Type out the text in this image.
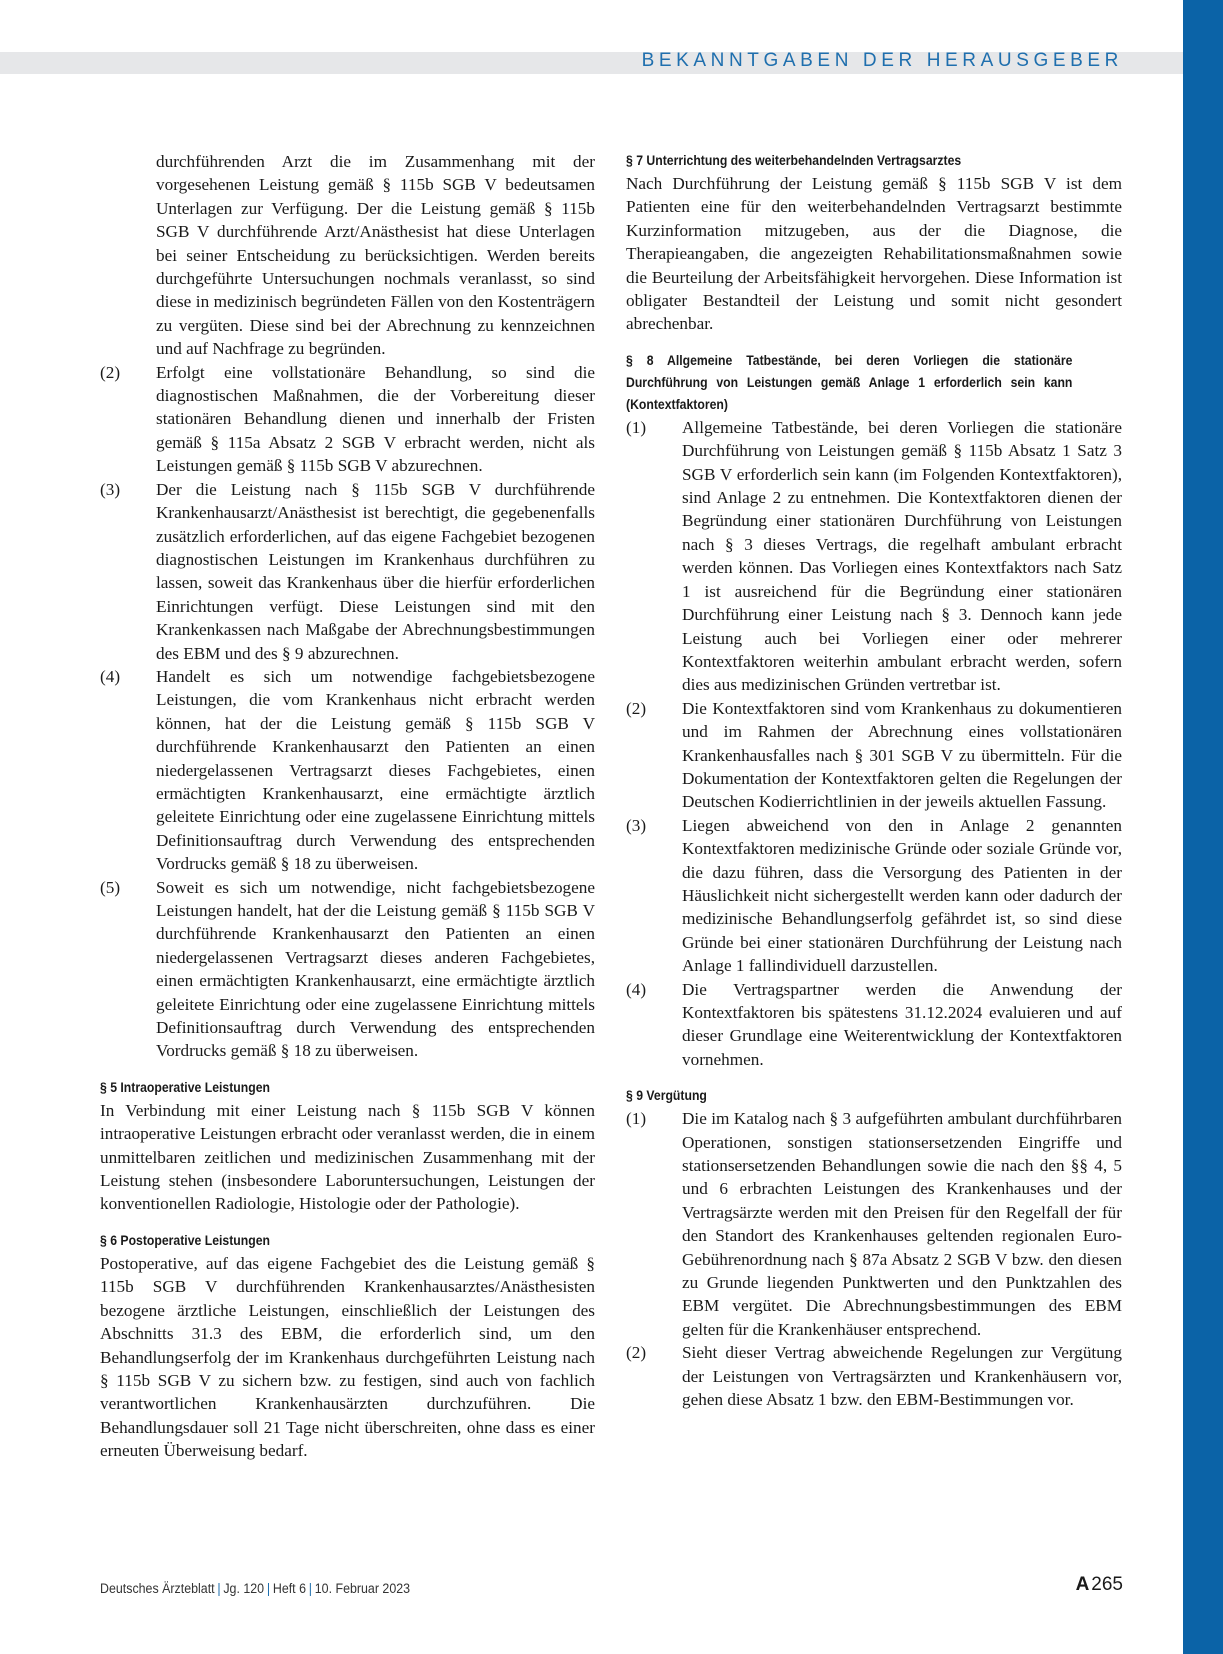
BEKANNTGABEN DER HERAUSGEBER

durchführenden Arzt die im Zusammenhang mit der vorgesehenen Leistung gemäß § 115b SGB V bedeutsamen Unterlagen zur Verfügung. Der die Leistung gemäß § 115b SGB V durchführende Arzt/Anästhesist hat diese Unterlagen bei seiner Entscheidung zu berücksichtigen. Werden bereits durchgeführte Untersuchungen nochmals veranlasst, so sind diese in medizinisch begründeten Fällen von den Kostenträgern zu vergüten. Diese sind bei der Abrechnung zu kennzeichnen und auf Nachfrage zu begründen.

(2)	Erfolgt eine vollstationäre Behandlung, so sind die diagnostischen Maßnahmen, die der Vorbereitung dieser stationären Behandlung dienen und innerhalb der Fristen gemäß § 115a Absatz 2 SGB V erbracht werden, nicht als Leistungen gemäß § 115b SGB V abzurechnen.
(3)	Der die Leistung nach § 115b SGB V durchführende Krankenhausarzt/Anästhesist ist berechtigt, die gegebenenfalls zusätzlich erforderlichen, auf das eigene Fachgebiet bezogenen diagnostischen Leistungen im Krankenhaus durchführen zu lassen, soweit das Krankenhaus über die hierfür erforderlichen Einrichtungen verfügt. Diese Leistungen sind mit den Krankenkassen nach Maßgabe der Abrechnungsbestimmungen des EBM und des § 9 abzurechnen.
(4)	Handelt es sich um notwendige fachgebietsbezogene Leistungen, die vom Krankenhaus nicht erbracht werden können, hat der die Leistung gemäß § 115b SGB V durchführende Krankenhausarzt den Patienten an einen niedergelassenen Vertragsarzt dieses Fachgebietes, einen ermächtigten Krankenhausarzt, eine ermächtigte ärztlich geleitete Einrichtung oder eine zugelassene Einrichtung mittels Definitionsauftrag durch Verwendung des entsprechenden Vordrucks gemäß § 18 zu überweisen.
(5)	Soweit es sich um notwendige, nicht fachgebietsbezogene Leistungen handelt, hat der die Leistung gemäß § 115b SGB V durchführende Krankenhausarzt den Patienten an einen niedergelassenen Vertragsarzt dieses anderen Fachgebietes, einen ermächtigten Krankenhausarzt, eine ermächtigte ärztlich geleitete Einrichtung oder eine zugelassene Einrichtung mittels Definitionsauftrag durch Verwendung des entsprechenden Vordrucks gemäß § 18 zu überweisen.
§ 5 Intraoperative Leistungen

In Verbindung mit einer Leistung nach § 115b SGB V können intraoperative Leistungen erbracht oder veranlasst werden, die in einem unmittelbaren zeitlichen und medizinischen Zusammenhang mit der Leistung stehen (insbesondere Laboruntersuchungen, Leistungen der konventionellen Radiologie, Histologie oder der Pathologie).

§ 6 Postoperative Leistungen

Postoperative, auf das eigene Fachgebiet des die Leistung gemäß § 115b SGB V durchführenden Krankenhausarztes/Anästhesisten bezogene ärztliche Leistungen, einschließlich der Leistungen des Abschnitts 31.3 des EBM, die erforderlich sind, um den Behandlungserfolg der im Krankenhaus durchgeführten Leistung nach § 115b SGB V zu sichern bzw. zu festigen, sind auch von fachlich verantwortlichen Krankenhausärzten durchzuführen. Die Behandlungsdauer soll 21 Tage nicht überschreiten, ohne dass es einer erneuten Überweisung bedarf.

§ 7 Unterrichtung des weiterbehandelnden Vertragsarztes

Nach Durchführung der Leistung gemäß § 115b SGB V ist dem Patienten eine für den weiterbehandelnden Vertragsarzt bestimmte Kurzinformation mitzugeben, aus der die Diagnose, die Therapieangaben, die angezeigten Rehabilitationsmaßnahmen sowie die Beurteilung der Arbeitsfähigkeit hervorgehen. Diese Information ist obligater Bestandteil der Leistung und somit nicht gesondert abrechenbar.

§ 8 Allgemeine Tatbestände, bei deren Vorliegen die stationäre Durchführung von Leistungen gemäß Anlage 1 erforderlich sein kann (Kontextfaktoren)
(1)	Allgemeine Tatbestände, bei deren Vorliegen die stationäre Durchführung von Leistungen gemäß § 115b Absatz 1 Satz 3 SGB V erforderlich sein kann (im Folgenden Kontextfaktoren), sind Anlage 2 zu entnehmen. Die Kontextfaktoren dienen der Begründung einer stationären Durchführung von Leistungen nach § 3 dieses Vertrags, die regelhaft ambulant erbracht werden können. Das Vorliegen eines Kontextfaktors nach Satz 1 ist ausreichend für die Begründung einer stationären Durchführung einer Leistung nach § 3. Dennoch kann jede Leistung auch bei Vorliegen einer oder mehrerer Kontextfaktoren weiterhin ambulant erbracht werden, sofern dies aus medizinischen Gründen vertretbar ist.
(2)	Die Kontextfaktoren sind vom Krankenhaus zu dokumentieren und im Rahmen der Abrechnung eines vollstationären Krankenhausfalles nach § 301 SGB V zu übermitteln. Für die Dokumentation der Kontextfaktoren gelten die Regelungen der Deutschen Kodierrichtlinien in der jeweils aktuellen Fassung.
(3)	Liegen abweichend von den in Anlage 2 genannten Kontextfaktoren medizinische Gründe oder soziale Gründe vor, die dazu führen, dass die Versorgung des Patienten in der Häuslichkeit nicht sichergestellt werden kann oder dadurch der medizinische Behandlungserfolg gefährdet ist, so sind diese Gründe bei einer stationären Durchführung der Leistung nach Anlage 1 fallindividuell darzustellen.
(4)	Die Vertragspartner werden die Anwendung der Kontextfaktoren bis spätestens 31.12.2024 evaluieren und auf dieser Grundlage eine Weiterentwicklung der Kontextfaktoren vornehmen.
§ 9 Vergütung
(1)	Die im Katalog nach § 3 aufgeführten ambulant durchführbaren Operationen, sonstigen stationsersetzenden Eingriffe und stationsersetzenden Behandlungen sowie die nach den §§ 4, 5 und 6 erbrachten Leistungen des Krankenhauses und der Vertragsärzte werden mit den Preisen für den Regelfall der für den Standort des Krankenhauses geltenden regionalen Euro-Gebührenordnung nach § 87a Absatz 2 SGB V bzw. den diesen zu Grunde liegenden Punktwerten und den Punktzahlen des EBM vergütet. Die Abrechnungsbestimmungen des EBM gelten für die Krankenhäuser entsprechend.
(2)	Sieht dieser Vertrag abweichende Regelungen zur Vergütung der Leistungen von Vertragsärzten und Krankenhäusern vor, gehen diese Absatz 1 bzw. den EBM-Bestimmungen vor.
Deutsches Ärzteblatt | Jg. 120 | Heft 6 | 10. Februar 2023	A 265
